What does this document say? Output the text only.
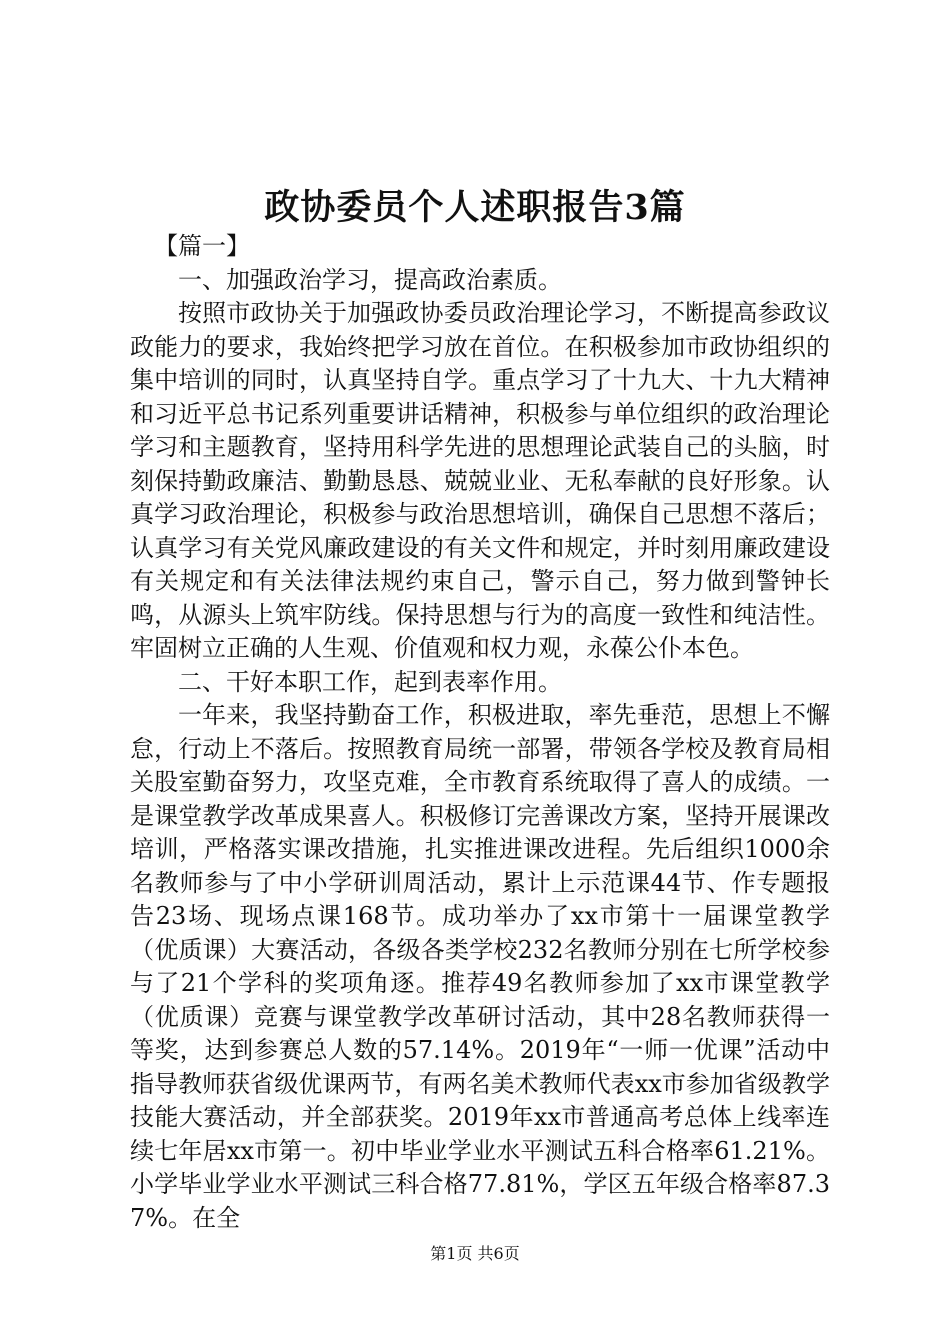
政协委员个人述职报告3篇

【篇一】

一、加强政治学习，提高政治素质。

按照市政协关于加强政协委员政治理论学习，不断提高参政议政能力的要求，我始终把学习放在首位。在积极参加市政协组织的集中培训的同时，认真坚持自学。重点学习了十九大、十九大精神和习近平总书记系列重要讲话精神，积极参与单位组织的政治理论学习和主题教育，坚持用科学先进的思想理论武装自己的头脑，时刻保持勤政廉洁、勤勤恳恳、兢兢业业、无私奉献的良好形象。认真学习政治理论，积极参与政治思想培训，确保自己思想不落后；认真学习有关党风廉政建设的有关文件和规定，并时刻用廉政建设有关规定和有关法律法规约束自己，警示自己，努力做到警钟长鸣，从源头上筑牢防线。保持思想与行为的高度一致性和纯洁性。牢固树立正确的人生观、价值观和权力观，永葆公仆本色。

二、干好本职工作，起到表率作用。

一年来，我坚持勤奋工作，积极进取，率先垂范，思想上不懈怠，行动上不落后。按照教育局统一部署，带领各学校及教育局相关股室勤奋努力，攻坚克难，全市教育系统取得了喜人的成绩。一是课堂教学改革成果喜人。积极修订完善课改方案，坚持开展课改培训，严格落实课改措施，扎实推进课改进程。先后组织1000余名教师参与了中小学研训周活动，累计上示范课44节、作专题报告23场、现场点课168节。成功举办了xx市第十一届课堂教学（优质课）大赛活动，各级各类学校232名教师分别在七所学校参与了21个学科的奖项角逐。推荐49名教师参加了xx市课堂教学（优质课）竞赛与课堂教学改革研讨活动，其中28名教师获得一等奖，达到参赛总人数的57.14%。2019年“一师一优课”活动中指导教师获省级优课两节，有两名美术教师代表xx市参加省级教学技能大赛活动，并全部获奖。2019年xx市普通高考总体上线率连续七年居xx市第一。初中毕业学业水平测试五科合格率61.21%。小学毕业学业水平测试三科合格77.81%，学区五年级合格率87.37%。在全

第1页 共6页
